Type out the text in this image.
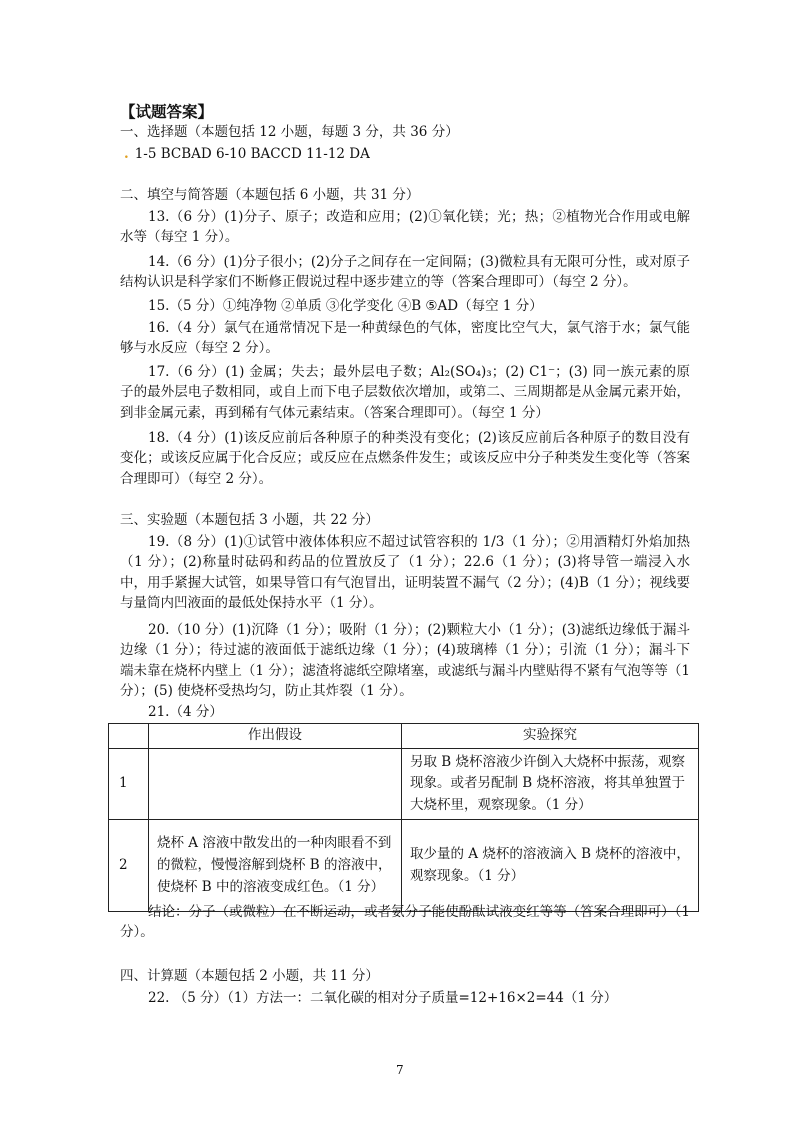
【试题答案】
一、选择题（本题包括 12 小题，每题 3 分，共 36 分）
. 1-5 BCBAD 6-10 BACCD 11-12 DA
二、填空与简答题（本题包括 6 小题，共 31 分）
13.（6 分）(1)分子、原子；改造和应用；(2)①氧化镁；光；热；②植物光合作用或电解水等（每空 1 分）。
14.（6 分）(1)分子很小；(2)分子之间存在一定间隔；(3)微粒具有无限可分性，或对原子结构认识是科学家们不断修正假说过程中逐步建立的等（答案合理即可）（每空 2 分）。
15.（5 分）①纯净物 ②单质 ③化学变化 ④B ⑤AD（每空 1 分）
16.（4 分）氯气在通常情况下是一种黄绿色的气体，密度比空气大，氯气溶于水；氯气能够与水反应（每空 2 分）。
17.（6 分）(1) 金属；失去；最外层电子数；Al₂(SO₄)₃；(2) C1⁻；(3) 同一族元素的原子的最外层电子数相同，或自上而下电子层数依次增加，或第二、三周期都是从金属元素开始，到非金属元素，再到稀有气体元素结束。（答案合理即可）。（每空 1 分）
18.（4 分）(1)该反应前后各种原子的种类没有变化；(2)该反应前后各种原子的数目没有变化；或该反应属于化合反应；或反应在点燃条件发生；或该反应中分子种类发生变化等（答案合理即可）（每空 2 分）。
三、实验题（本题包括 3 小题，共 22 分）
19.（8 分）(1)①试管中液体体积应不超过试管容积的 1/3（1 分）；②用酒精灯外焰加热（1 分）；(2)称量时砝码和药品的位置放反了（1 分）；22.6（1 分）；(3)将导管一端浸入水中，用手紧握大试管，如果导管口有气泡冒出，证明装置不漏气（2 分）；(4)B（1 分）；视线要与量筒内凹液面的最低处保持水平（1 分）。
20.（10 分）(1)沉降（1 分）；吸附（1 分）；(2)颗粒大小（1 分）；(3)滤纸边缘低于漏斗边缘（1 分）；待过滤的液面低于滤纸边缘（1 分）；(4)玻璃棒（1 分）；引流（1 分）；漏斗下端未靠在烧杯内壁上（1 分）；滤渣将滤纸空隙堵塞，或滤纸与漏斗内壁贴得不紧有气泡等等（1 分）；(5) 使烧杯受热均匀，防止其炸裂（1 分）。
21.（4 分）
	作出假设	实验探究
1		另取 B 烧杯溶液少许倒入大烧杯中振荡，观察现象。或者另配制 B 烧杯溶液，将其单独置于大烧杯里，观察现象。（1 分）
2	烧杯 A 溶液中散发出的一种肉眼看不到的微粒，慢慢溶解到烧杯 B 的溶液中，使烧杯 B 中的溶液变成红色。（1 分）	取少量的 A 烧杯的溶液滴入 B 烧杯的溶液中，观察现象。（1 分）
结论：分子（或微粒）在不断运动，或者氨分子能使酚酞试液变红等等（答案合理即可）（1 分）。
四、计算题（本题包括 2 小题，共 11 分）
22. （5 分）（1）方法一：二氧化碳的相对分子质量=12+16×2=44（1 分）
7
